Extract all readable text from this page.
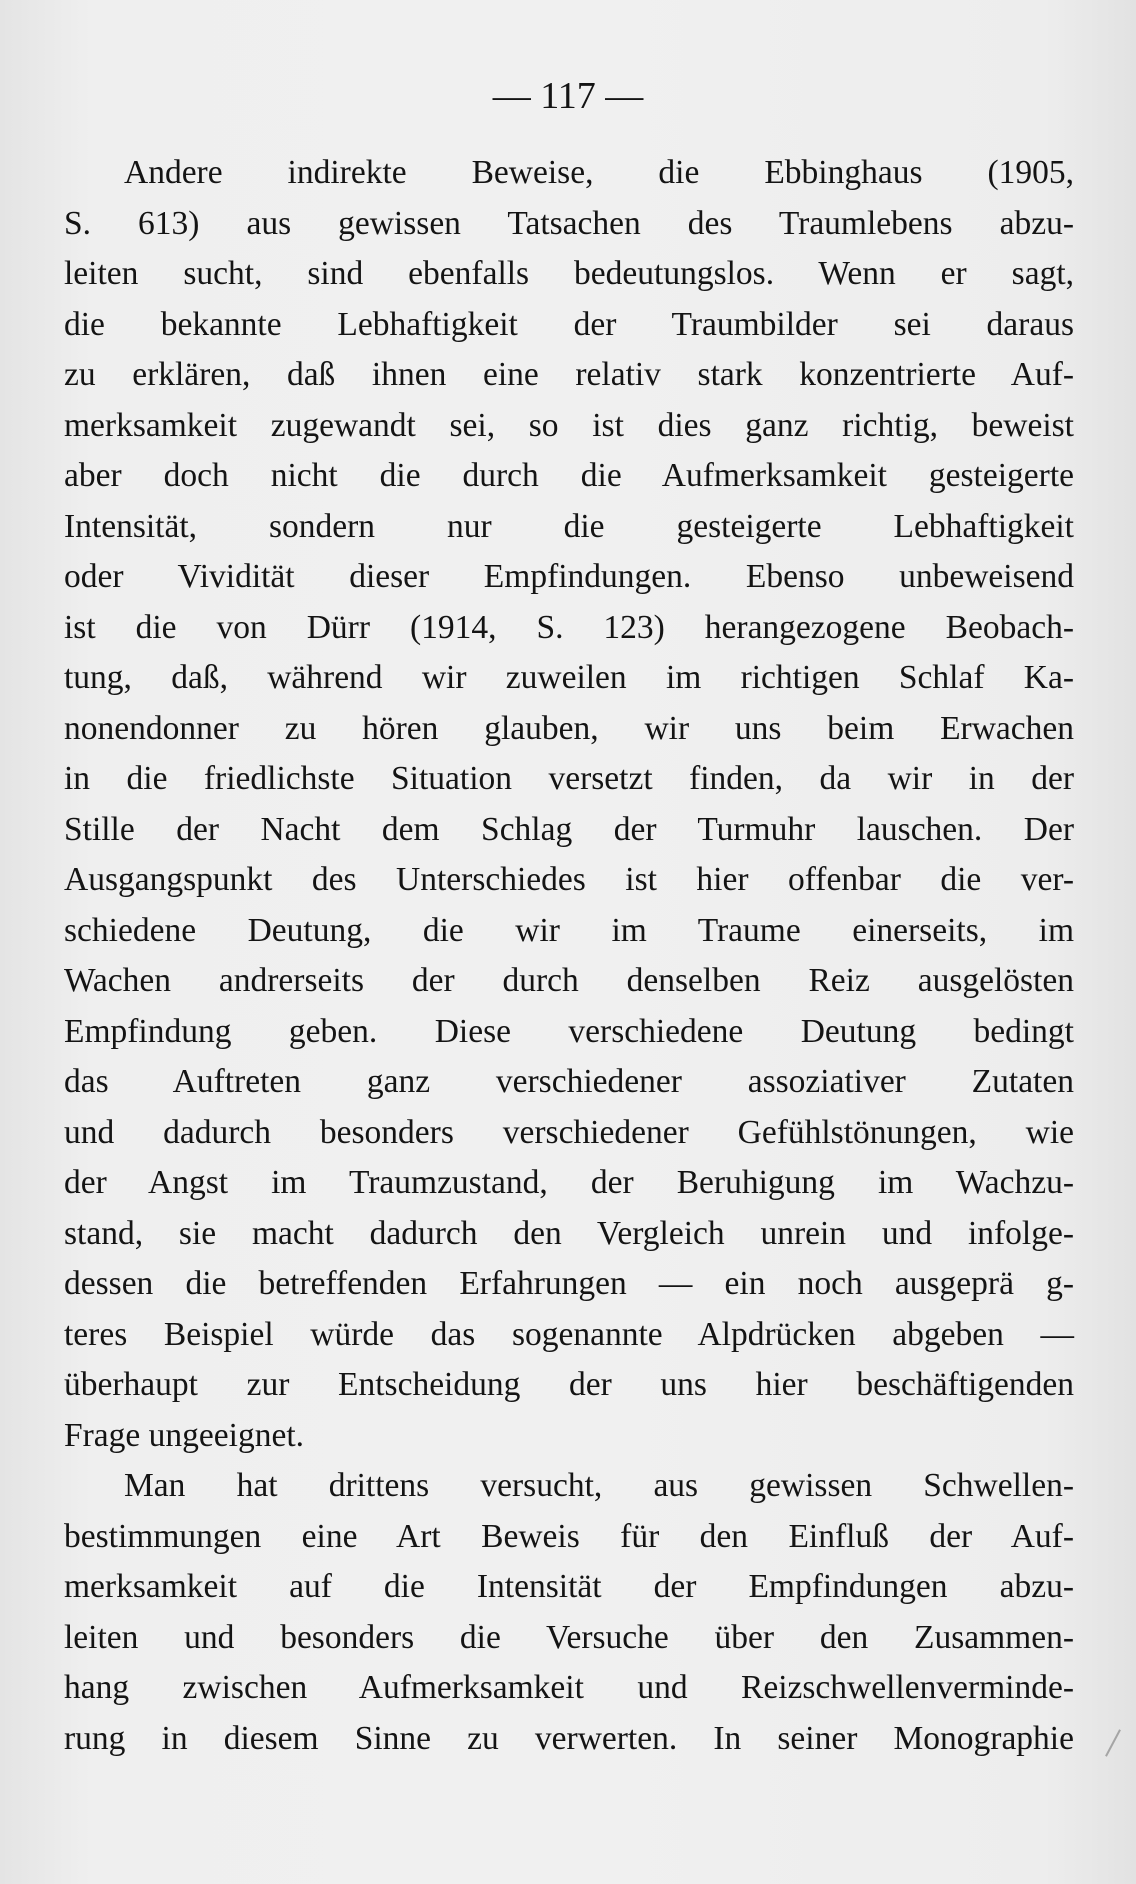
— 117 —
Andere indirekte Beweise, die Ebbinghaus (1905,
S. 613) aus gewissen Tatsachen des Traumlebens abzu-
leiten sucht, sind ebenfalls bedeutungslos. Wenn er sagt,
die bekannte Lebhaftigkeit der Traumbilder sei daraus
zu erklären, daß ihnen eine relativ stark konzentrierte Auf-
merksamkeit zugewandt sei, so ist dies ganz richtig, beweist
aber doch nicht die durch die Aufmerksamkeit gesteigerte
Intensität, sondern nur die gesteigerte Lebhaftigkeit
oder Vividität dieser Empfindungen. Ebenso unbeweisend
ist die von Dürr (1914, S. 123) herangezogene Beobach-
tung, daß, während wir zuweilen im richtigen Schlaf Ka-
nonendonner zu hören glauben, wir uns beim Erwachen
in die friedlichste Situation versetzt finden, da wir in der
Stille der Nacht dem Schlag der Turmuhr lauschen. Der
Ausgangspunkt des Unterschiedes ist hier offenbar die ver-
schiedene Deutung, die wir im Traume einerseits, im
Wachen andrerseits der durch denselben Reiz ausgelösten
Empfindung geben. Diese verschiedene Deutung bedingt
das Auftreten ganz verschiedener assoziativer Zutaten
und dadurch besonders verschiedener Gefühlstönungen, wie
der Angst im Traumzustand, der Beruhigung im Wachzu-
stand, sie macht dadurch den Vergleich unrein und infolge-
dessen die betreffenden Erfahrungen — ein noch ausgeprä g-
teres Beispiel würde das sogenannte Alpdrücken abgeben —
überhaupt zur Entscheidung der uns hier beschäftigenden
Frage ungeeignet.
Man hat drittens versucht, aus gewissen Schwellen-
bestimmungen eine Art Beweis für den Einfluß der Auf-
merksamkeit auf die Intensität der Empfindungen abzu-
leiten und besonders die Versuche über den Zusammen-
hang zwischen Aufmerksamkeit und Reizschwellenverminde-
rung in diesem Sinne zu verwerten. In seiner Monographie
